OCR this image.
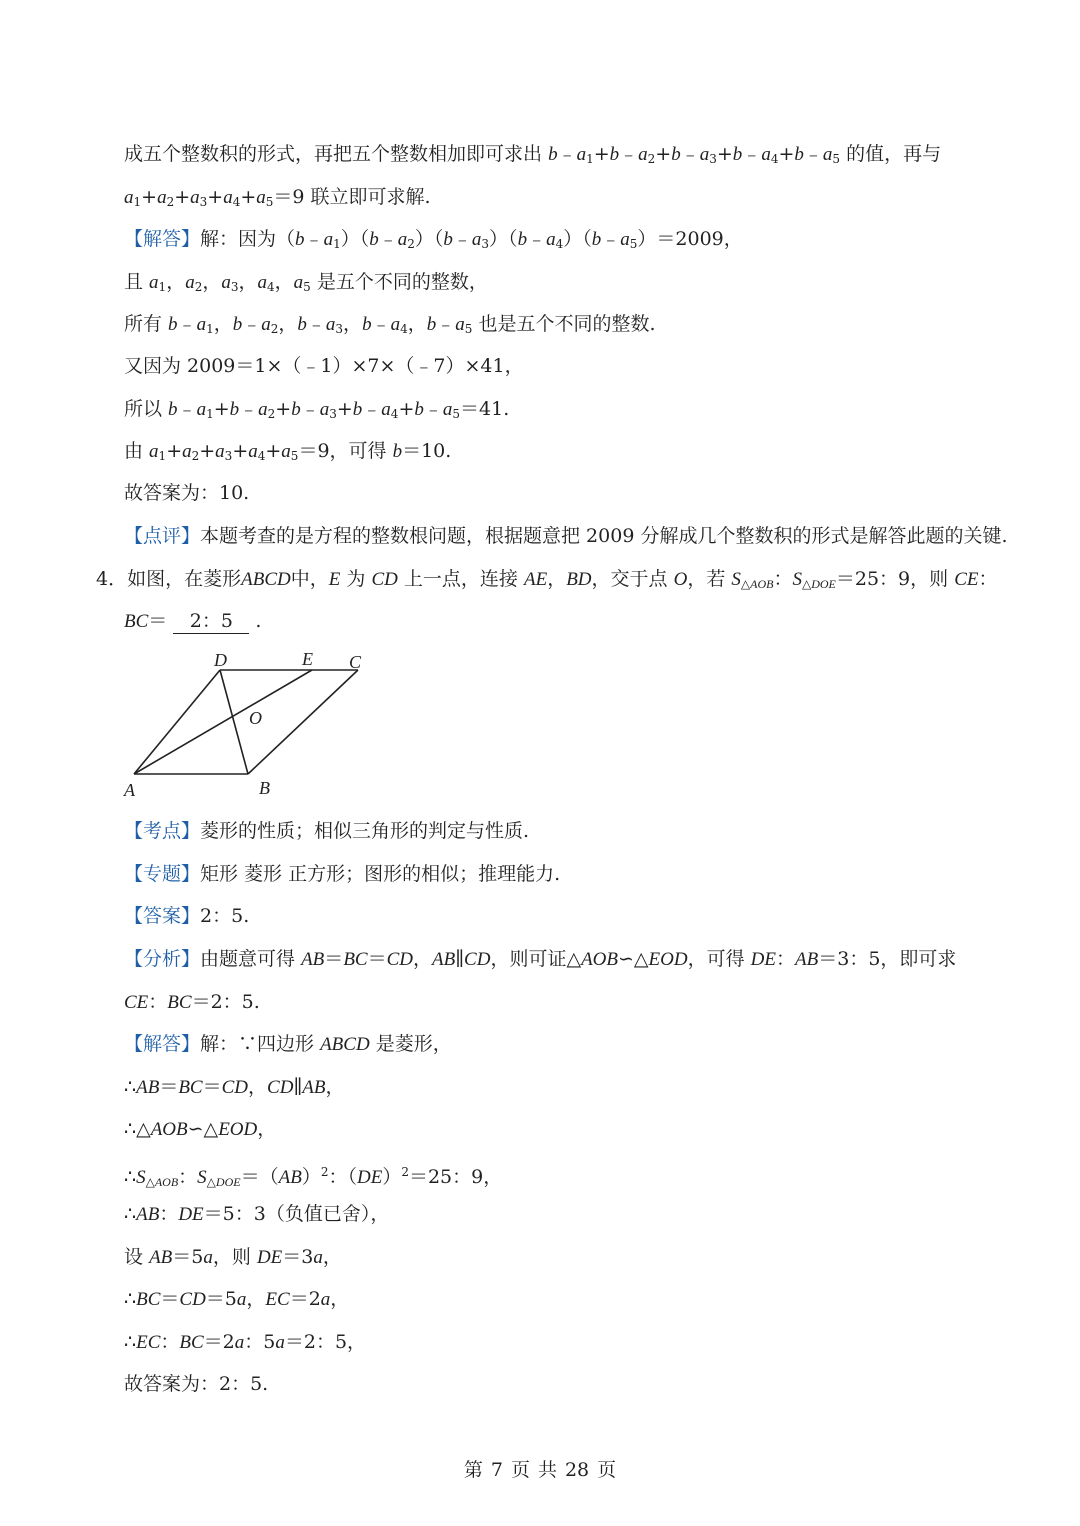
成五个整数积的形式，再把五个整数相加即可求出 $b﹣a_1+b﹣a_2+b﹣a_3+b﹣a_4+b﹣a_5$ 的值，再与
$a_1+a_2+a_3+a_4+a_5=9$ 联立即可求解.
【解答】解：因为$(b﹣a_1)(b﹣a_2)(b﹣a_3)(b﹣a_4)(b﹣a_5)=2009$，
且 $a_1$，$a_2$，$a_3$，$a_4$，$a_5$ 是五个不同的整数，
所有 $b﹣a_1$，$b﹣a_2$，$b﹣a_3$，$b﹣a_4$，$b﹣a_5$ 也是五个不同的整数.
又因为 2009＝1×（﹣1）×7×（﹣7）×41，
所以 $b﹣a_1+b﹣a_2+b﹣a_3+b﹣a_4+b﹣a_5=41$.
由 $a_1+a_2+a_3+a_4+a_5=9$，可得 b＝10.
故答案为：10.
【点评】本题考查的是方程的整数根问题，根据题意把 2009 分解成几个整数积的形式是解答此题的关键.
4．如图，在菱形ABCD中，E 为 CD 上一点，连接 AE，BD，交于点 O，若 $S_{\triangle AOB}$：$S_{\triangle DOE}=25$：9，则 CE：
BC＝ 2：5 .
D	E C
O
A	B
【考点】菱形的性质；相似三角形的判定与性质.
【专题】矩形 菱形 正方形；图形的相似；推理能力.
【答案】2：5.
【分析】由题意可得 AB＝BC＝CD，AB∥CD，则可证△AOB∽△EOD，可得 DE：AB＝3：5，即可求
CE：BC＝2：5.
【解答】解：∵四边形 ABCD 是菱形，
∴AB＝BC＝CD，CD∥AB，
∴△AOB∽△EOD，
$\therefore S_{\triangle AOB}$：$S_{\triangle DOE}=(AB)^2$：（DE）$^2$＝25：9，
∴AB：DE＝5：3（负值已舍），
设 AB＝5a，则 DE＝3a，
∴BC＝CD＝5a，EC＝2a，
∴EC：BC＝2a：5a＝2：5，
故答案为：2：5.
第 7 页 共 28 页
